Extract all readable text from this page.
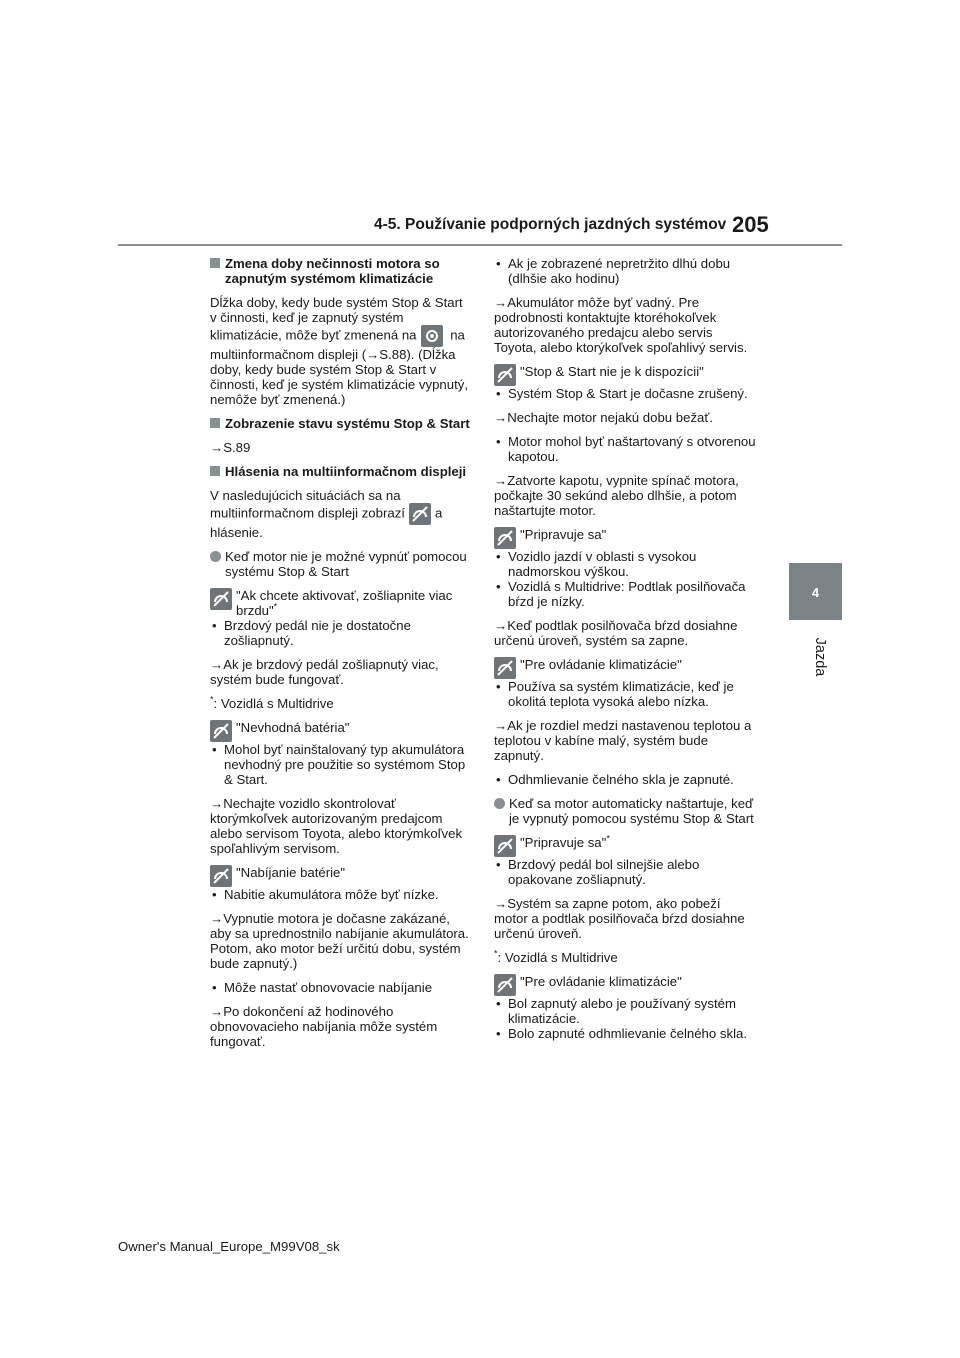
4-5. Používanie podporných jazdných systémov 205
4
Jazda
Zmena doby nečinnosti motora so zapnutým systémom klimatizácie

Dĺžka doby, kedy bude systém Stop & Start v činnosti, keď je zapnutý systém klimatizácie, môže byť zmenená na	na multiinformačnom displeji (→S.88). (Dĺžka doby, kedy bude systém Stop & Start v činnosti, keď je systém klimatizácie vypnutý, nemôže byť zmenená.)

Zobrazenie stavu systému Stop & Start

→S.89

Hlásenia na multiinformačnom displeji

V nasledujúcich situáciách sa na multiinformačnom displeji zobrazí a hlásenie.

Keď motor nie je možné vypnúť pomocou systému Stop & Start
"Ak chcete aktivovať, zošliapnite viac brzdu"*

• Brzdový pedál nie je dostatočne zošliapnutý.

→Ak je brzdový pedál zošliapnutý viac, systém bude fungovať.

*: Vozidlá s Multidrive

"Nevhodná batéria"

• Mohol byť nainštalovaný typ akumulátora nevhodný pre použitie so systémom Stop & Start.

→Nechajte vozidlo skontrolovať ktorýmkoľvek autorizovaným predajcom alebo servisom Toyota, alebo ktorýmkoľvek spoľahlivým servisom.

"Nabíjanie batérie"

• Nabitie akumulátora môže byť nízke.

→Vypnutie motora je dočasne zakázané, aby sa uprednostnilo nabíjanie akumulátora. Potom, ako motor beží určitú dobu, systém bude zapnutý.)

• Môže nastať obnovovacie nabíjanie

→Po dokončení až hodinového obnovovacieho nabíjania môže systém fungovať.

• Ak je zobrazené nepretržito dlhú dobu (dlhšie ako hodinu)

→Akumulátor môže byť vadný. Pre podrobnosti kontaktujte ktoréhokoľvek autorizovaného predajcu alebo servis Toyota, alebo ktorýkoľvek spoľahlivý servis.

"Stop & Start nie je k dispozícii"

• Systém Stop & Start je dočasne zrušený.

→Nechajte motor nejakú dobu bežať.

• Motor mohol byť naštartovaný s otvorenou kapotou.

→Zatvorte kapotu, vypnite spínač motora, počkajte 30 sekúnd alebo dlhšie, a potom naštartujte motor.

"Pripravuje sa"

• Vozidlo jazdí v oblasti s vysokou nadmorskou výškou.

• Vozidlá s Multidrive: Podtlak posilňovača bŕzd je nízky.

→Keď podtlak posilňovača bŕzd dosiahne určenú úroveň, systém sa zapne.

"Pre ovládanie klimatizácie"

• Používa sa systém klimatizácie, keď je okolitá teplota vysoká alebo nízka.

→Ak je rozdiel medzi nastavenou teplotou a teplotou v kabíne malý, systém bude zapnutý.

• Odhmlievanie čelného skla je zapnuté.

Keď sa motor automaticky naštartuje, keď je vypnutý pomocou systému Stop & Start
"Pripravuje sa"*

• Brzdový pedál bol silnejšie alebo opakovane zošliapnutý.

→Systém sa zapne potom, ako pobeží motor a podtlak posilňovača bŕzd dosiahne určenú úroveň.

*: Vozidlá s Multidrive

"Pre ovládanie klimatizácie"

• Bol zapnutý alebo je používaný systém klimatizácie.

• Bolo zapnuté odhmlievanie čelného skla.

Owner's Manual_Europe_M99V08_sk
